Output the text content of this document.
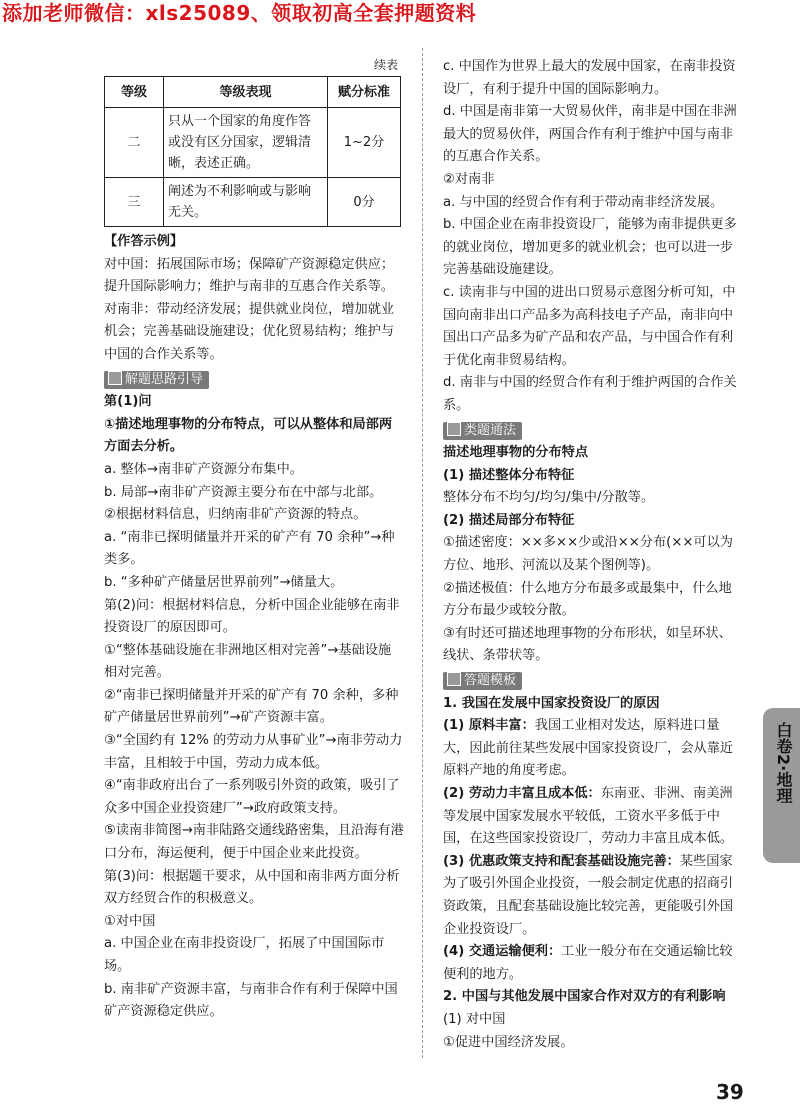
添加老师微信：xls25089、领取初高全套押题资料

续表

等级	等级表现	赋分标准
二	只从一个国家的角度作答或没有区分国家，逻辑清晰，表述正确。	1~2分
三	阐述为不利影响或与影响无关。	0分

【作答示例】

对中国：拓展国际市场；保障矿产资源稳定供应；提升国际影响力；维护与南非的互惠合作关系等。对南非：带动经济发展；提供就业岗位，增加就业机会；完善基础设施建设；优化贸易结构；维护与中国的合作关系等。

解题思路引导

第(1)问

①描述地理事物的分布特点，可以从整体和局部两方面去分析。

a. 整体→南非矿产资源分布集中。

b. 局部→南非矿产资源主要分布在中部与北部。

②根据材料信息，归纳南非矿产资源的特点。

a. “南非已探明储量并开采的矿产有 70 余种”→种类多。

b. “多种矿产储量居世界前列”→储量大。

第(2)问：根据材料信息，分析中国企业能够在南非投资设厂的原因即可。

①“整体基础设施在非洲地区相对完善”→基础设施相对完善。

②“南非已探明储量并开采的矿产有 70 余种，多种矿产储量居世界前列”→矿产资源丰富。

③“全国约有 12% 的劳动力从事矿业”→南非劳动力丰富，且相较于中国，劳动力成本低。

④“南非政府出台了一系列吸引外资的政策，吸引了众多中国企业投资建厂”→政府政策支持。

⑤读南非简图→南非陆路交通线路密集，且沿海有港口分布，海运便利，便于中国企业来此投资。

第(3)问：根据题干要求，从中国和南非两方面分析双方经贸合作的积极意义。

①对中国

a. 中国企业在南非投资设厂，拓展了中国国际市场。

b. 南非矿产资源丰富，与南非合作有利于保障中国矿产资源稳定供应。

c. 中国作为世界上最大的发展中国家，在南非投资设厂，有利于提升中国的国际影响力。

d. 中国是南非第一大贸易伙伴，南非是中国在非洲最大的贸易伙伴，两国合作有利于维护中国与南非的互惠合作关系。

②对南非

a. 与中国的经贸合作有利于带动南非经济发展。

b. 中国企业在南非投资设厂，能够为南非提供更多的就业岗位，增加更多的就业机会；也可以进一步完善基础设施建设。

c. 读南非与中国的进出口贸易示意图分析可知，中国向南非出口产品多为高科技电子产品，南非向中国出口产品多为矿产品和农产品，与中国合作有利于优化南非贸易结构。

d. 南非与中国的经贸合作有利于维护两国的合作关系。

类题通法

描述地理事物的分布特点

(1) 描述整体分布特征

整体分布不均匀/均匀/集中/分散等。

(2) 描述局部分布特征

①描述密度：××多××少或沿××分布(××可以为方位、地形、河流以及某个图例等)。

②描述极值：什么地方分布最多或最集中，什么地方分布最少或较分散。

③有时还可描述地理事物的分布形状，如呈环状、线状、条带状等。

答题模板

1. 我国在发展中国家投资设厂的原因

(1) 原料丰富：我国工业相对发达，原料进口量大，因此前往某些发展中国家投资设厂，会从靠近原料产地的角度考虑。

(2) 劳动力丰富且成本低：东南亚、非洲、南美洲等发展中国家发展水平较低，工资水平多低于中国，在这些国家投资设厂，劳动力丰富且成本低。

(3) 优惠政策支持和配套基础设施完善：某些国家为了吸引外国企业投资，一般会制定优惠的招商引资政策，且配套基础设施比较完善，更能吸引外国企业投资设厂。

(4) 交通运输便利：工业一般分布在交通运输比较便利的地方。

2. 中国与其他发展中国家合作对双方的有利影响

(1) 对中国

①促进中国经济发展。

白卷2·地理
39
